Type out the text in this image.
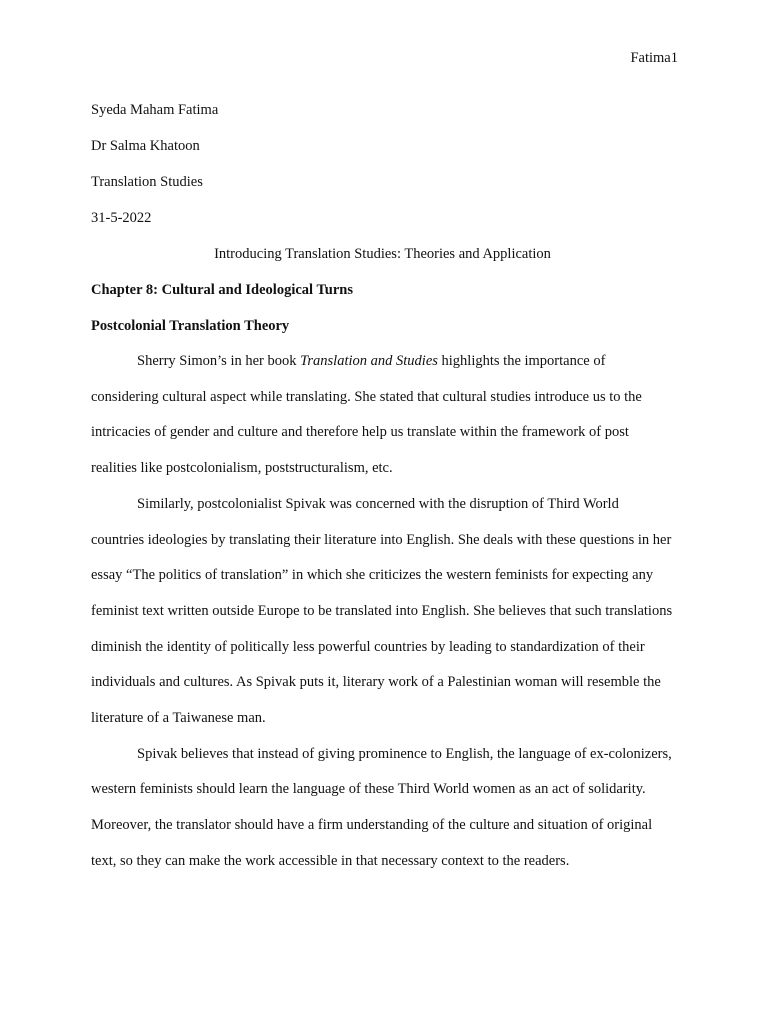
Fatima1
Syeda Maham Fatima
Dr Salma Khatoon
Translation Studies
31-5-2022
Introducing Translation Studies: Theories and Application
Chapter 8: Cultural and Ideological Turns
Postcolonial Translation Theory

Sherry Simon’s in her book Translation and Studies highlights the importance of considering cultural aspect while translating. She stated that cultural studies introduce us to the intricacies of gender and culture and therefore help us translate within the framework of post realities like postcolonialism, poststructuralism, etc.

Similarly, postcolonialist Spivak was concerned with the disruption of Third World countries ideologies by translating their literature into English. She deals with these questions in her essay “The politics of translation” in which she criticizes the western feminists for expecting any feminist text written outside Europe to be translated into English. She believes that such translations diminish the identity of politically less powerful countries by leading to standardization of their individuals and cultures. As Spivak puts it, literary work of a Palestinian woman will resemble the literature of a Taiwanese man.

Spivak believes that instead of giving prominence to English, the language of ex-colonizers, western feminists should learn the language of these Third World women as an act of solidarity. Moreover, the translator should have a firm understanding of the culture and situation of original text, so they can make the work accessible in that necessary context to the readers.
